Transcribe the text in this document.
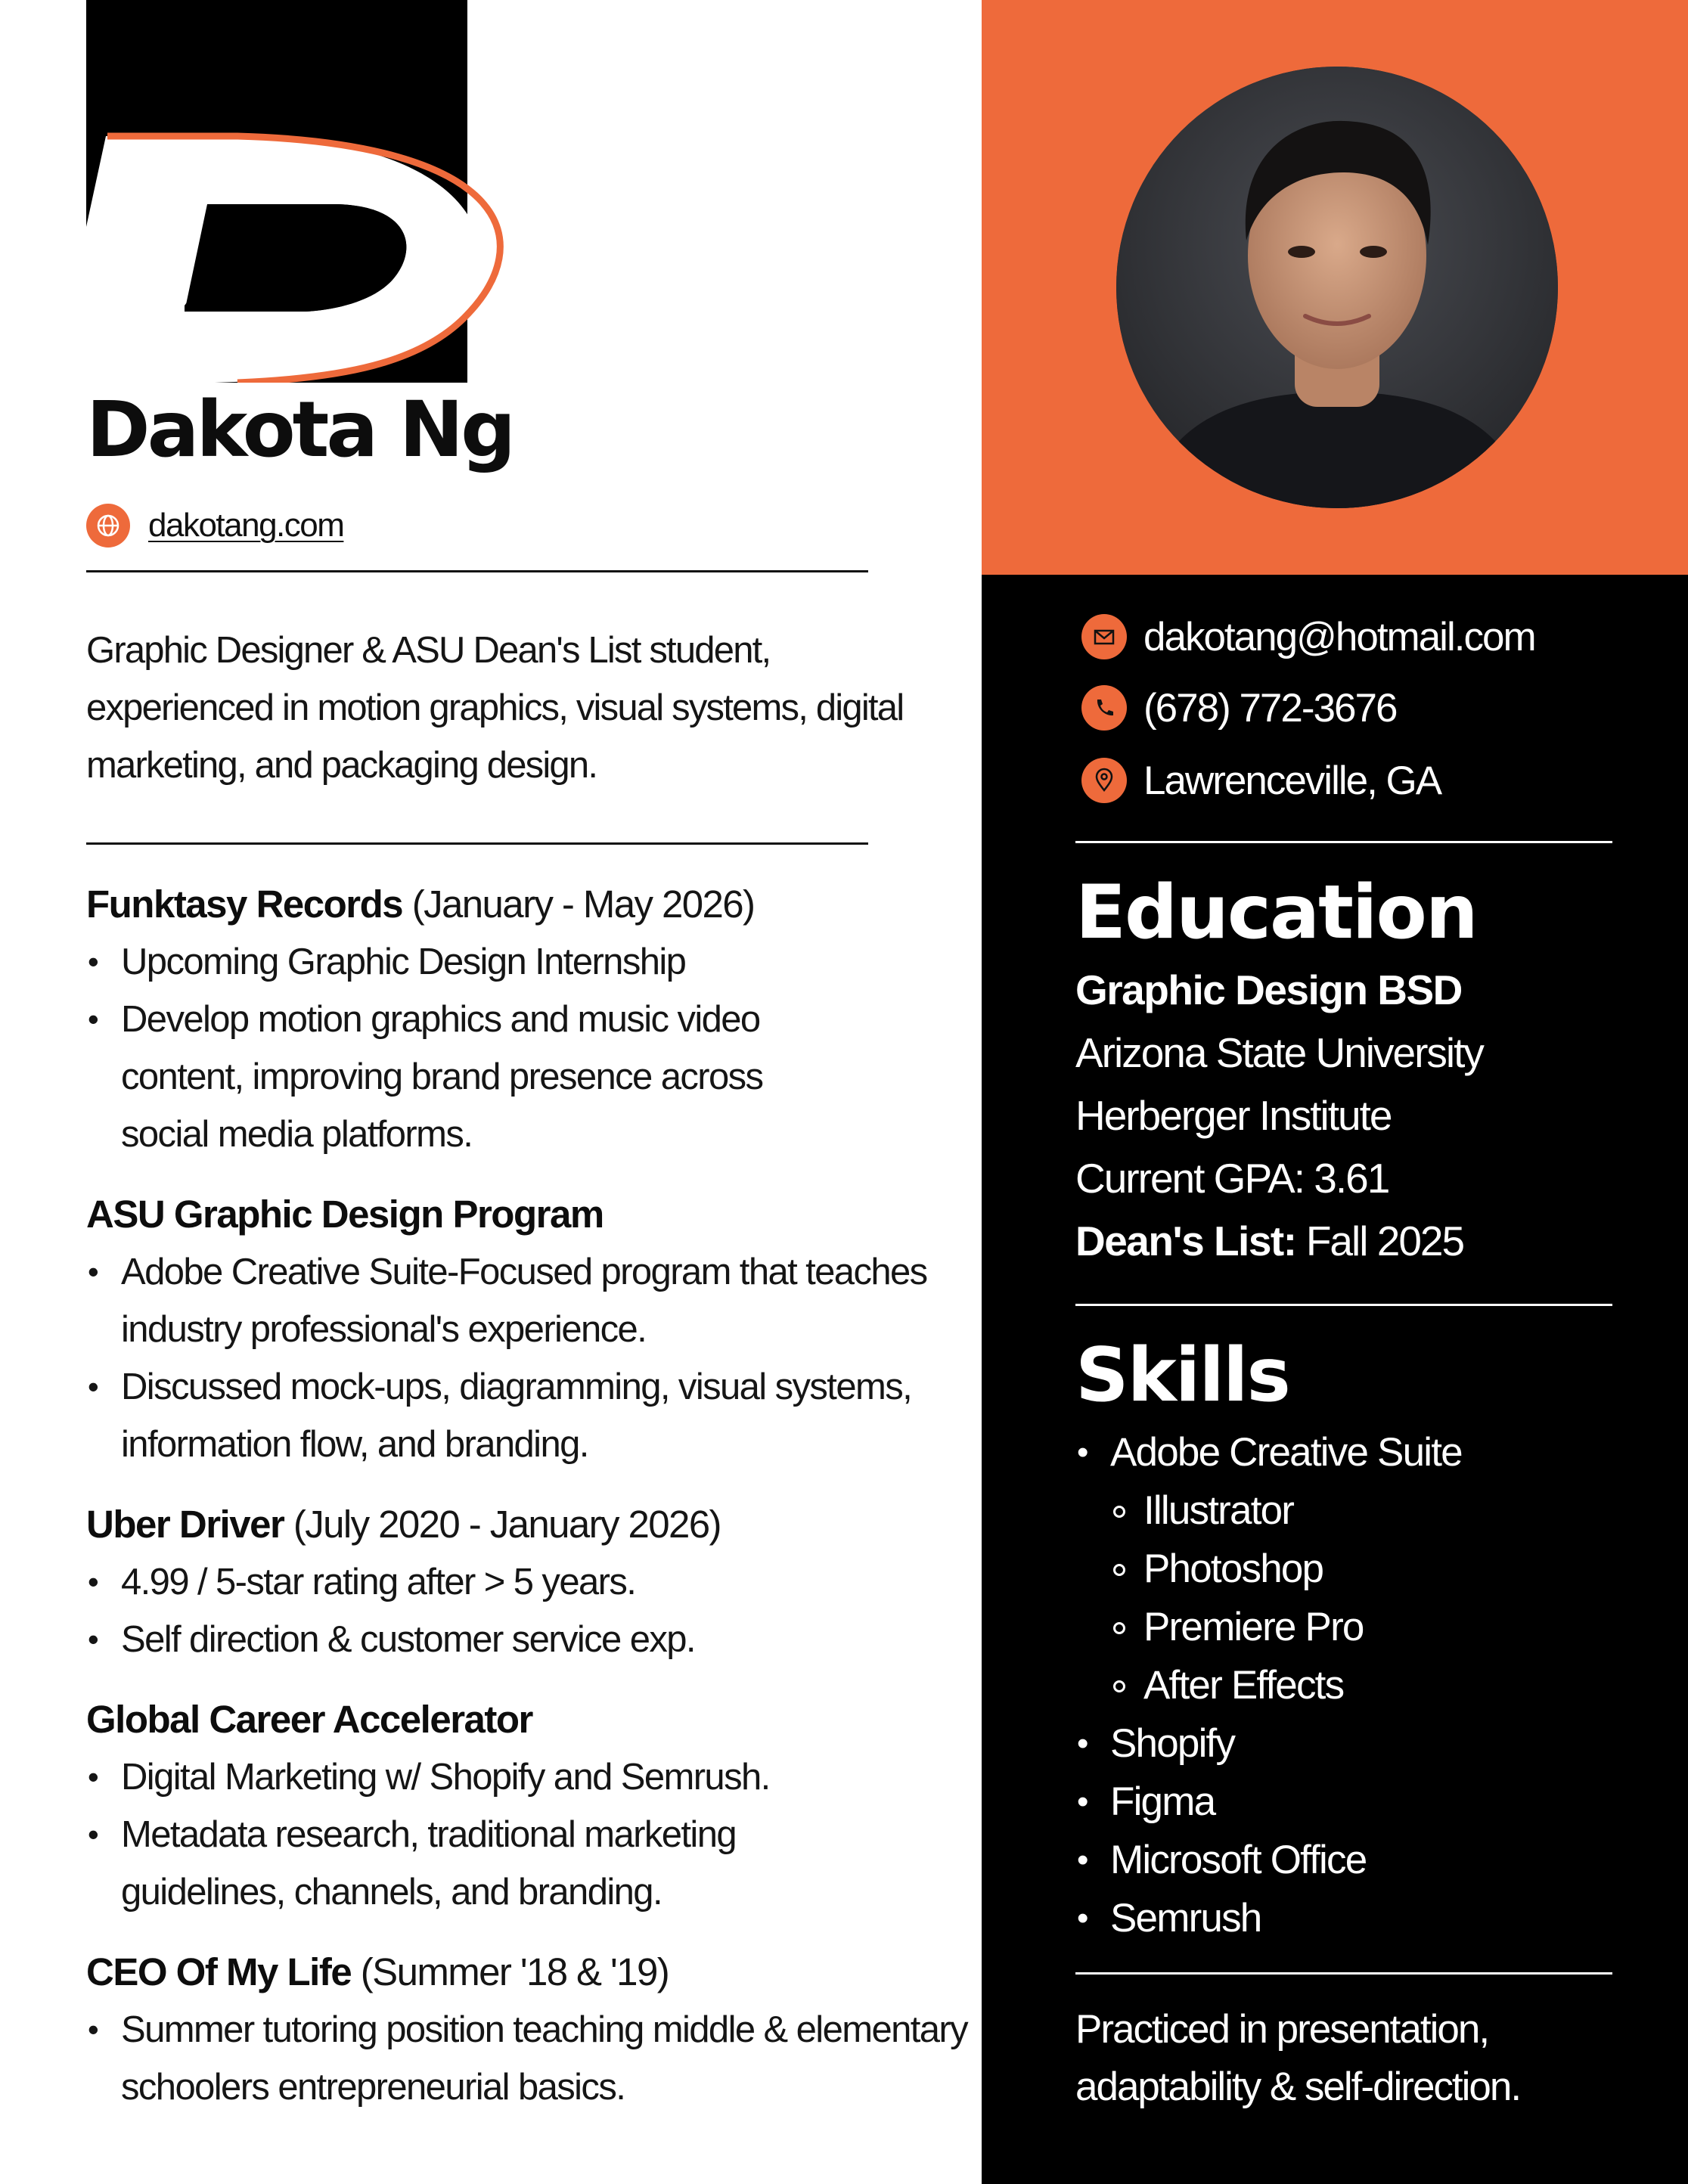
Dakota Ng
dakotang.com
Graphic Designer & ASU Dean's List student, experienced in motion graphics, visual systems, digital marketing, and packaging design.
Funktasy Records (January - May 2026)
• Upcoming Graphic Design Internship
• Develop motion graphics and music video content, improving brand presence across social media platforms.
ASU Graphic Design Program
• Adobe Creative Suite-Focused program that teaches industry professional's experience.
• Discussed mock-ups, diagramming, visual systems, information flow, and branding.
Uber Driver (July 2020 - January 2026)
• 4.99 / 5-star rating after > 5 years.
• Self direction & customer service exp.
Global Career Accelerator
• Digital Marketing w/ Shopify and Semrush.
• Metadata research, traditional marketing guidelines, channels, and branding.
CEO Of My Life (Summer '18 & '19)
• Summer tutoring position teaching middle & elementary schoolers entrepreneurial basics.
dakotang@hotmail.com
(678) 772-3676
Lawrenceville, GA
Education
Graphic Design BSD
Arizona State University
Herberger Institute
Current GPA: 3.61
Dean's List: Fall 2025
Skills
• Adobe Creative Suite
Illustrator
Photoshop
Premiere Pro
After Effects
• Shopify
• Figma
• Microsoft Office
• Semrush
Practiced in presentation, adaptability & self-direction.
